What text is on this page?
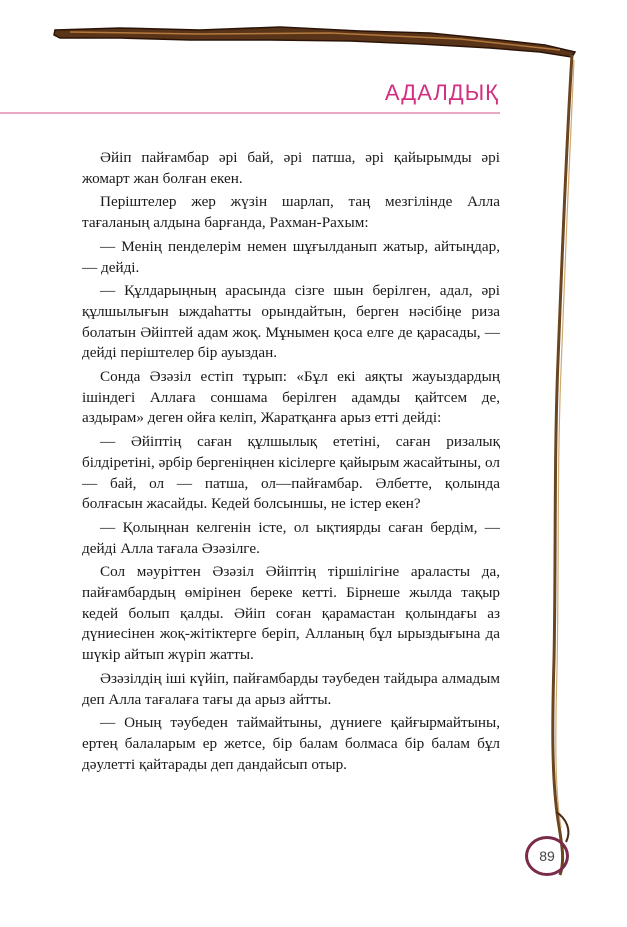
АДАЛДЫҚ

Әйіп пайғамбар әрі бай, әрі патша, әрі қайырымды әрі жомарт жан болған екен.

Періштелер жер жүзін шарлап, таң мезгілінде Алла тағаланың алдына барғанда, Рахман-Рахым:

— Менің пенделерім немен шұғылданып жатыр, айтыңдар, — дейді.

— Құлдарыңның арасында сізге шын берілген, адал, әрі құлшылығын ыждаһатты орындайтын, берген нәсібіңе риза болатын Әйіптей адам жоқ. Мұнымен қоса елге де қарасады, — дейді періштелер бір ауыздан.

Сонда Әзәзіл естіп тұрып: «Бұл екі аяқты жауыздардың ішіндегі Аллаға соншама берілген адамды қайтсем де, аздырам» деген ойға келіп, Жаратқанға арыз етті дейді:

— Әйіптің саған құлшылық ететіні, саған ризалық білдіретіні, әрбір бергеніңнен кісілерге қайырым жасайтыны, ол — бай, ол — патша, ол—пайғамбар. Әлбетте, қолында болғасын жасайды. Кедей болсыншы, не істер екен?

— Қолыңнан келгенін істе, ол ықтиярды саған бердім, — дейді Алла тағала Әзәзілге.

Сол мәуріттен Әзәзіл Әйіптің тіршілігіне араласты да, пайғамбардың өмірінен береке кетті. Бірнеше жылда тақыр кедей болып қалды. Әйіп соған қарамастан қолындағы аз дүниесінен жоқ-жітіктерге беріп, Алланың бұл ырыздығына да шүкір айтып жүріп жатты.

Әзәзілдің іші күйіп, пайғамбарды тәубеден тайдыра алмадым деп Алла тағалаға тағы да арыз айтты.

— Оның тәубеден таймайтыны, дүниеге қайғырмайтыны, ертең балаларым ер жетсе, бір балам болмаса бір балам бұл дәулетті қайтарады деп дандайсып отыр.

89
